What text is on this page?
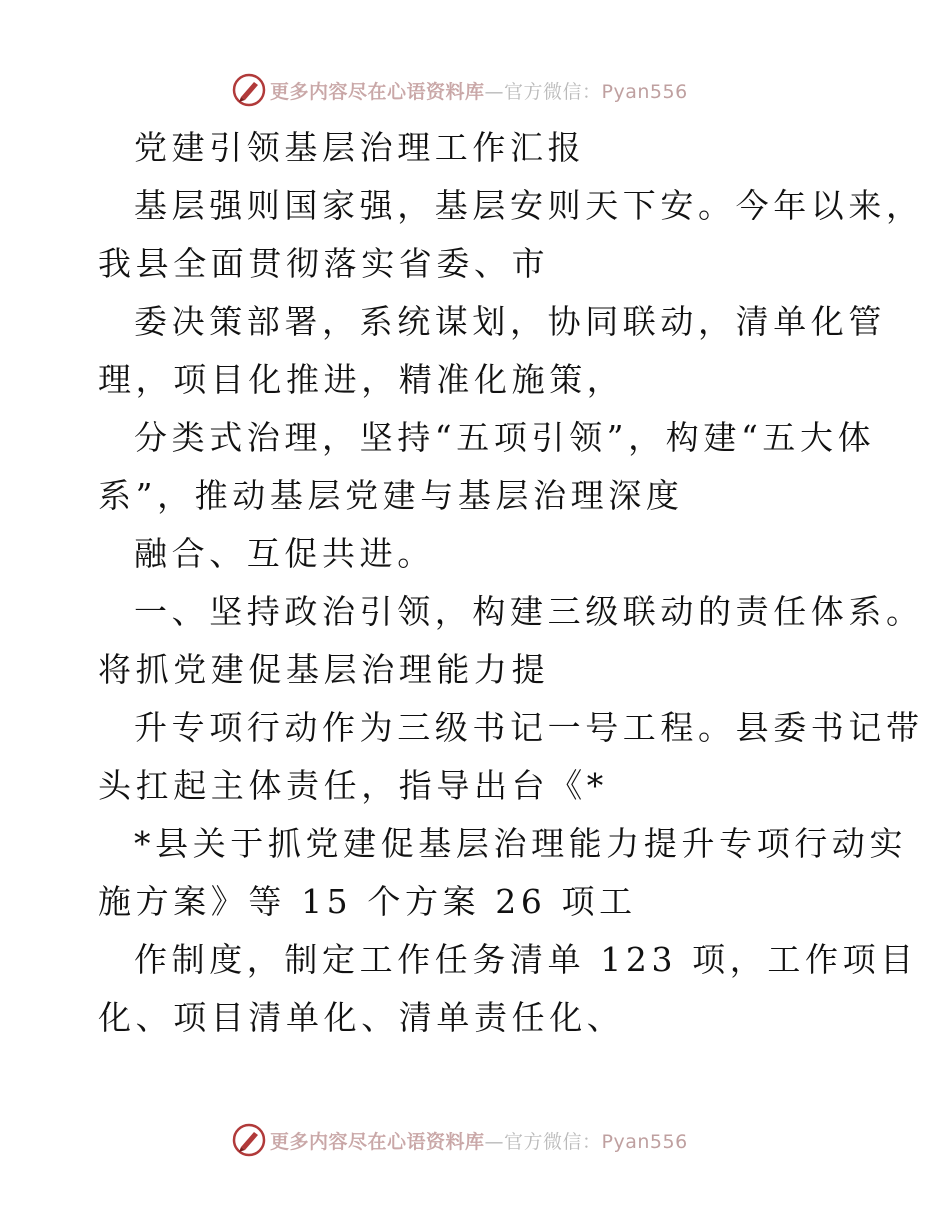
更多内容尽在心语资料库—官方微信：Pyan556
党建引领基层治理工作汇报
基层强则国家强，基层安则天下安。今年以来，
我县全面贯彻落实省委、市
委决策部署，系统谋划，协同联动，清单化管
理，项目化推进，精准化施策，
分类式治理，坚持“五项引领”，构建“五大体
系”，推动基层党建与基层治理深度
融合、互促共进。
一、坚持政治引领，构建三级联动的责任体系。
将抓党建促基层治理能力提
升专项行动作为三级书记一号工程。县委书记带
头扛起主体责任，指导出台《*
*县关于抓党建促基层治理能力提升专项行动实
施方案》等 15 个方案 26 项工
作制度，制定工作任务清单 123 项，工作项目
化、项目清单化、清单责任化、
更多内容尽在心语资料库—官方微信：Pyan556
